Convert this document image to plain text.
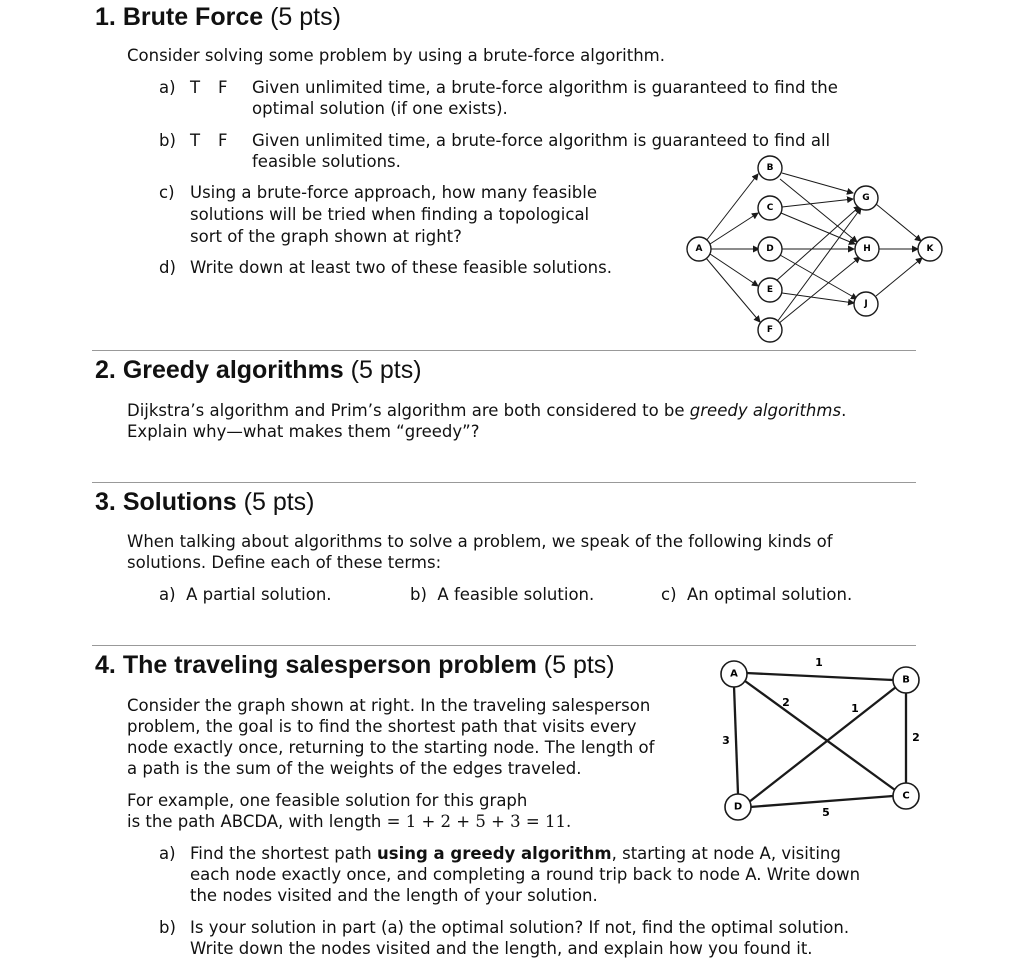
1. Brute Force (5 pts)
Consider solving some problem by using a brute-force algorithm.
a) T F Given unlimited time, a brute-force algorithm is guaranteed to find the
optimal solution (if one exists).
b) T F Given unlimited time, a brute-force algorithm is guaranteed to find all
feasible solutions.
c) Using a brute-force approach, how many feasible
solutions will be tried when finding a topological
sort of the graph shown at right?
d) Write down at least two of these feasible solutions.
A
B
C
D
E
F
G
H
J
K
2. Greedy algorithms (5 pts)
Dijkstra’s algorithm and Prim’s algorithm are both considered to be greedy algorithms.
Explain why—what makes them “greedy”?
3. Solutions (5 pts)
When talking about algorithms to solve a problem, we speak of the following kinds of
solutions. Define each of these terms:
a) A partial solution.	b) A feasible solution.	c) An optimal solution.
4. The traveling salesperson problem (5 pts)
Consider the graph shown at right. In the traveling salesperson
problem, the goal is to find the shortest path that visits every
node exactly once, returning to the starting node. The length of
a path is the sum of the weights of the edges traveled.
For example, one feasible solution for this graph
is the path ABCDA, with length = 1 + 2 + 5 + 3 = 11.
a) Find the shortest path using a greedy algorithm, starting at node A, visiting
each node exactly once, and completing a round trip back to node A. Write down
the nodes visited and the length of your solution.
b) Is your solution in part (a) the optimal solution? If not, find the optimal solution.
Write down the nodes visited and the length, and explain how you found it.
1
2
5
3
2	1
A
B
C
D
